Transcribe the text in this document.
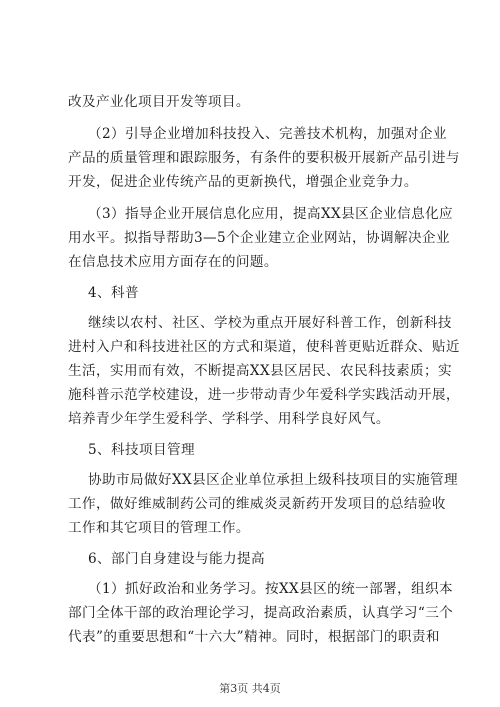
改及产业化项目开发等项目。
（2）引导企业增加科技投入、完善技术机构，加强对企业
产品的质量管理和跟踪服务，有条件的要积极开展新产品引进与
开发，促进企业传统产品的更新换代，增强企业竞争力。
（3）指导企业开展信息化应用，提高XX县区企业信息化应
用水平。拟指导帮助3—5个企业建立企业网站，协调解决企业
在信息技术应用方面存在的问题。
4、科普
继续以农村、社区、学校为重点开展好科普工作，创新科技
进村入户和科技进社区的方式和渠道，使科普更贴近群众、贴近
生活，实用而有效，不断提高XX县区居民、农民科技素质；实
施科普示范学校建设，进一步带动青少年爱科学实践活动开展，
培养青少年学生爱科学、学科学、用科学良好风气。
5、科技项目管理
协助市局做好XX县区企业单位承担上级科技项目的实施管理
工作，做好维威制药公司的维威炎灵新药开发项目的总结验收
工作和其它项目的管理工作。
6、部门自身建设与能力提高
（1）抓好政治和业务学习。按XX县区的统一部署，组织本
部门全体干部的政治理论学习，提高政治素质，认真学习“三个
代表”的重要思想和“十六大”精神。同时，根据部门的职责和
第3页 共4页
